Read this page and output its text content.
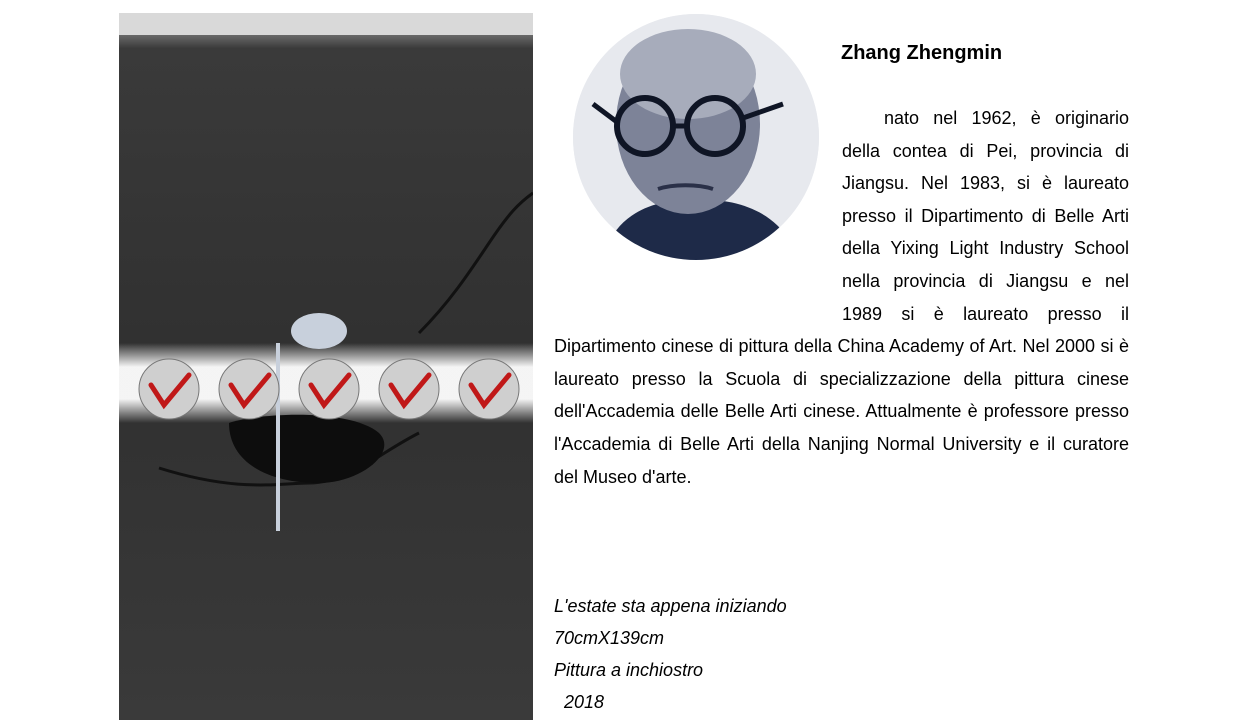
Zhang Zhengmin
nato nel 1962, è originario della contea di Pei, provincia di Jiangsu. Nel 1983, si è laureato presso il Dipartimento di Belle Arti della Yixing Light Industry School nella provincia di Jiangsu e nel 1989 si è laureato presso il Dipartimento cinese di pittura della China Academy of Art. Nel 2000 si è laureato presso la Scuola di specializzazione della pittura cinese dell'Accademia delle Belle Arti cinese. Attualmente è professore presso l'Accademia di Belle Arti della Nanjing Normal University e il curatore del Museo d'arte.
L'estate sta appena iniziando
70cmX139cm
Pittura a inchiostro
2018
